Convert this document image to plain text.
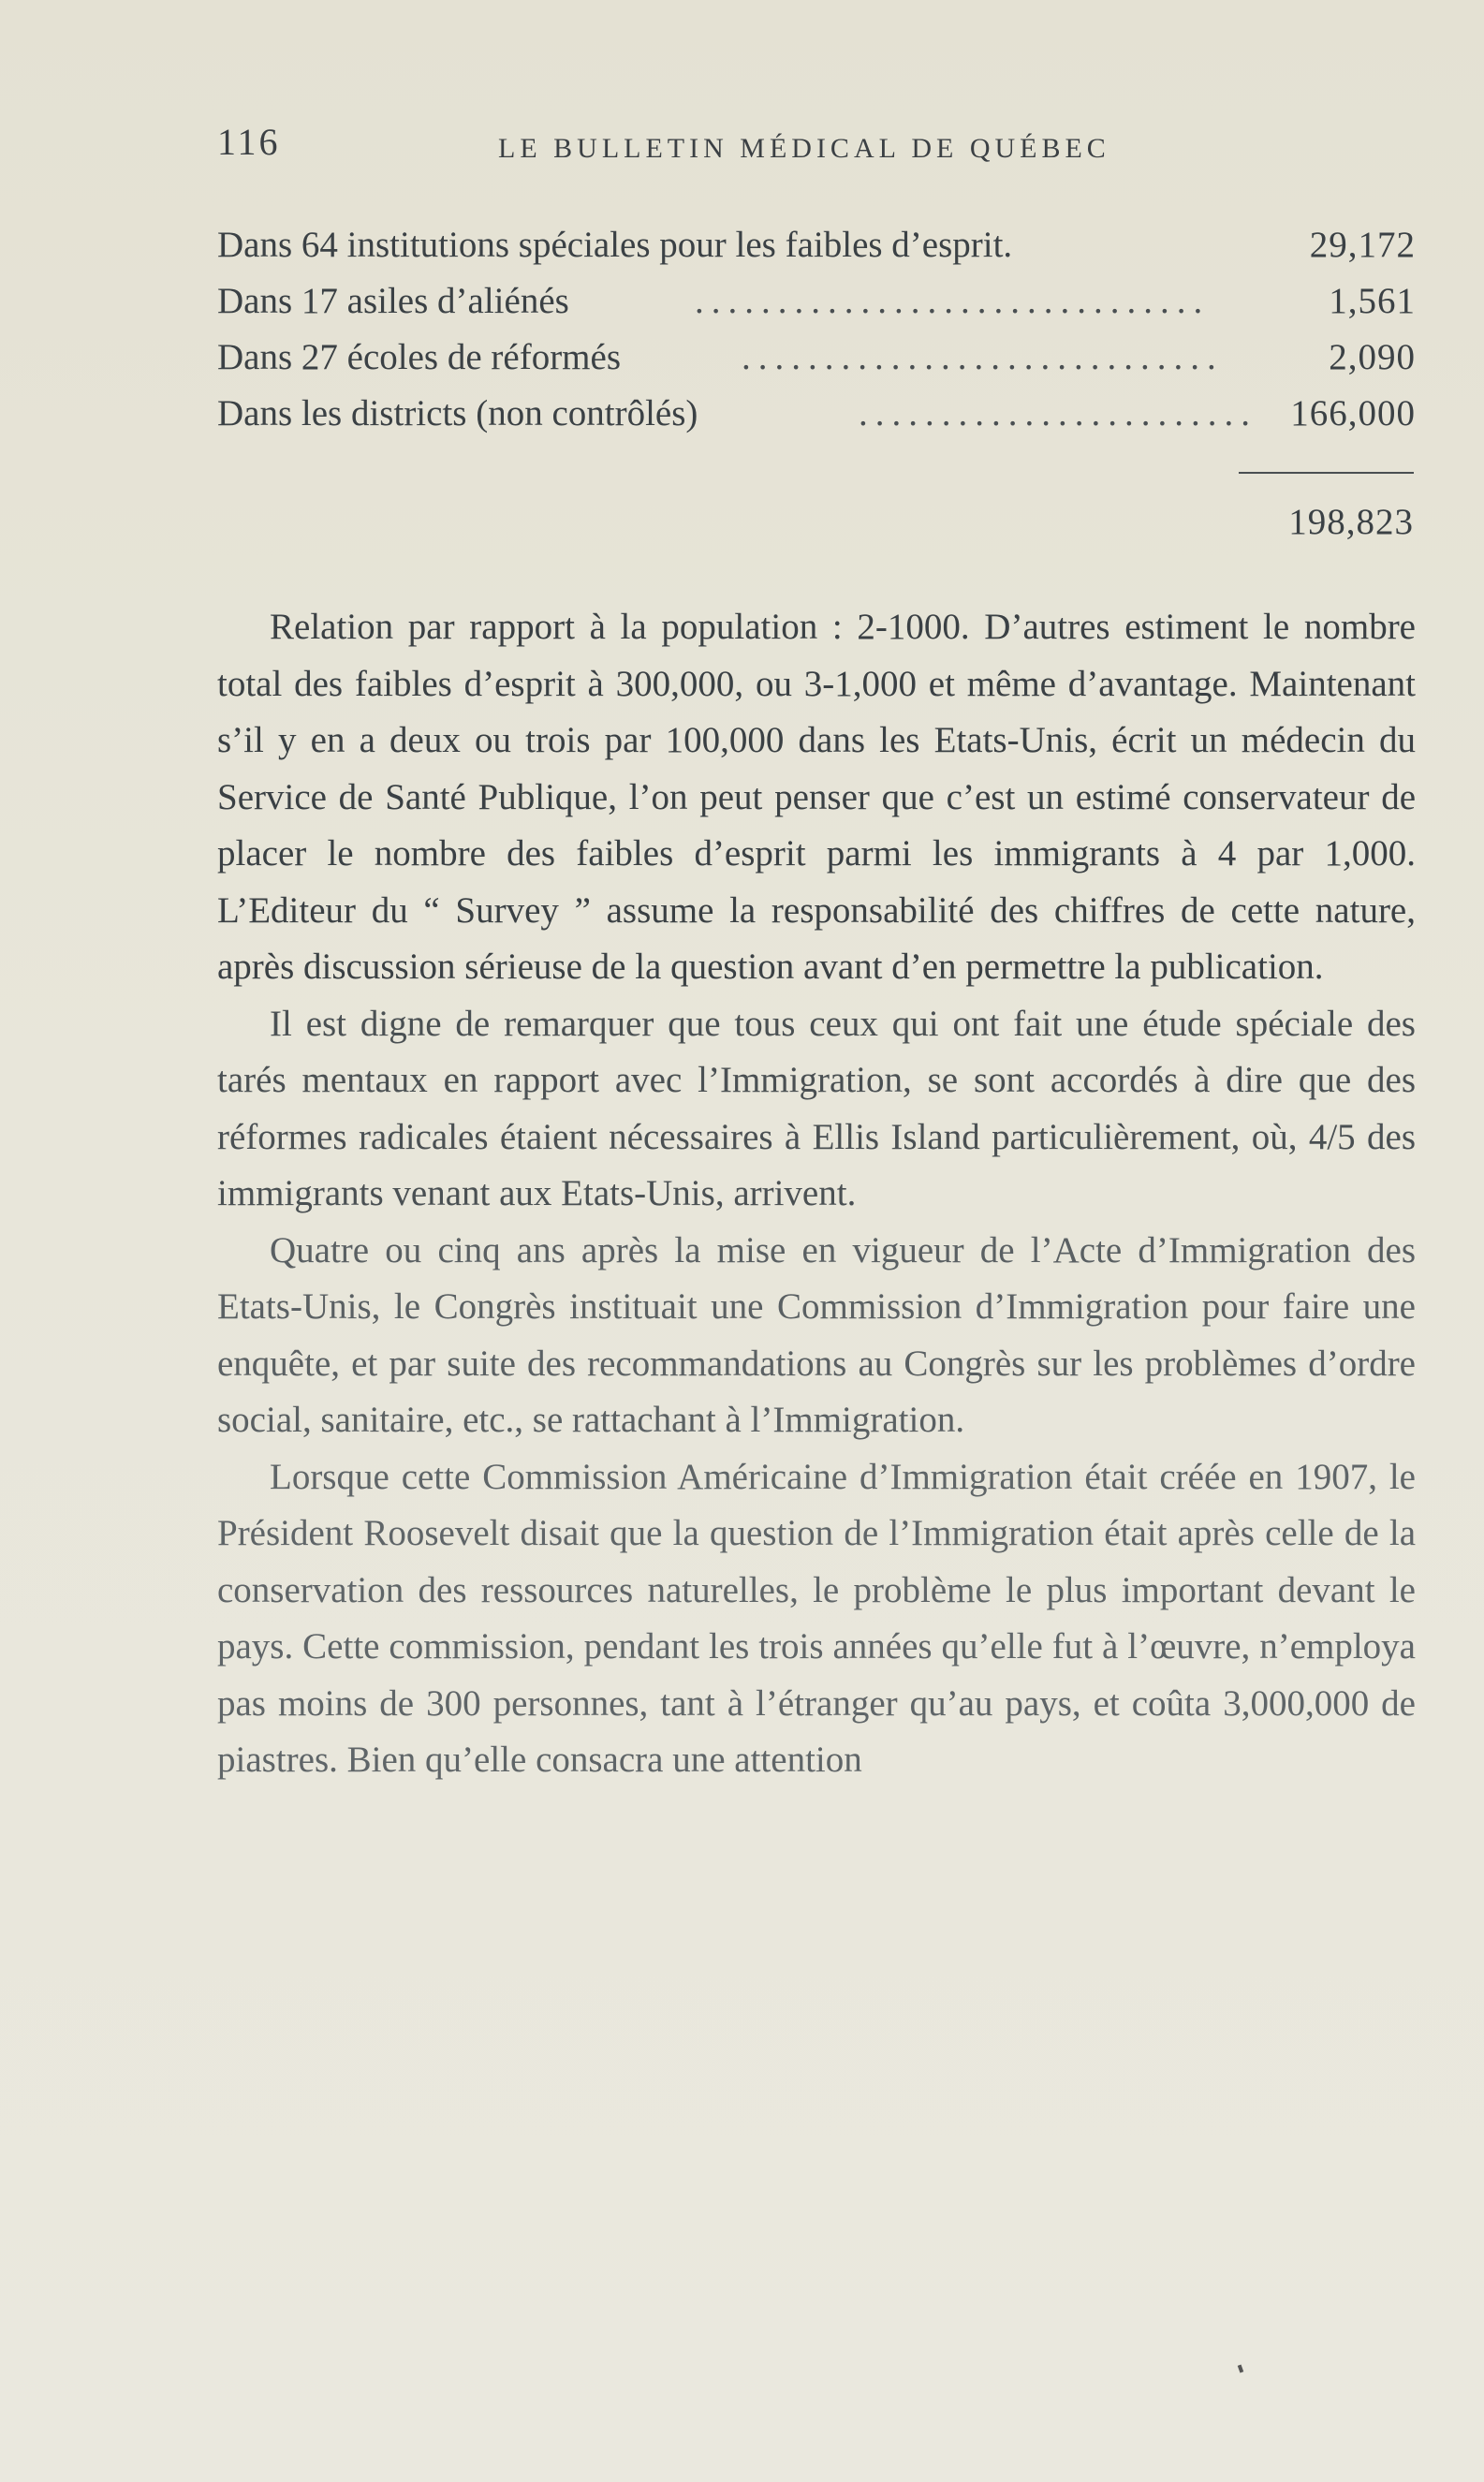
116	LE BULLETIN MÉDICAL DE QUÉBEC
Dans 64 institutions spéciales pour les faibles d’esprit.	29,172
...............................
Dans 17 asiles d’aliénés	1,561
.............................
Dans 27 écoles de réformés	2,090
........................
Dans les districts (non contrôlés)	166,000
198,823

Relation par rapport à la population : 2-1000. D’autres estiment le nombre total des faibles d’esprit à 300,000, ou 3-1,000 et même d’avantage. Maintenant s’il y en a deux ou trois par 100,000 dans les Etats-Unis, écrit un médecin du Service de Santé Publique, l’on peut penser que c’est un estimé conservateur de placer le nombre des faibles d’esprit parmi les immigrants à 4 par 1,000. L’Editeur du “ Survey ” assume la responsabilité des chiffres de cette nature, après discussion sérieuse de la question avant d’en permettre la publication.

Il est digne de remarquer que tous ceux qui ont fait une étude spéciale des tarés mentaux en rapport avec l’Immigration, se sont accordés à dire que des réformes radicales étaient nécessaires à Ellis Island particulièrement, où, 4/5 des immigrants venant aux Etats-Unis, arrivent.

Quatre ou cinq ans après la mise en vigueur de l’Acte d’Immigration des Etats-Unis, le Congrès instituait une Commission d’Immigration pour faire une enquête, et par suite des recommandations au Congrès sur les problèmes d’ordre social, sanitaire, etc., se rattachant à l’Immigration.

Lorsque cette Commission Américaine d’Immigration était créée en 1907, le Président Roosevelt disait que la question de l’Immigration était après celle de la conservation des ressources naturelles, le problème le plus important devant le pays. Cette commission, pendant les trois années qu’elle fut à l’œuvre, n’employa pas moins de 300 personnes, tant à l’étranger qu’au pays, et coûta 3,000,000 de piastres. Bien qu’elle consacra une attention
